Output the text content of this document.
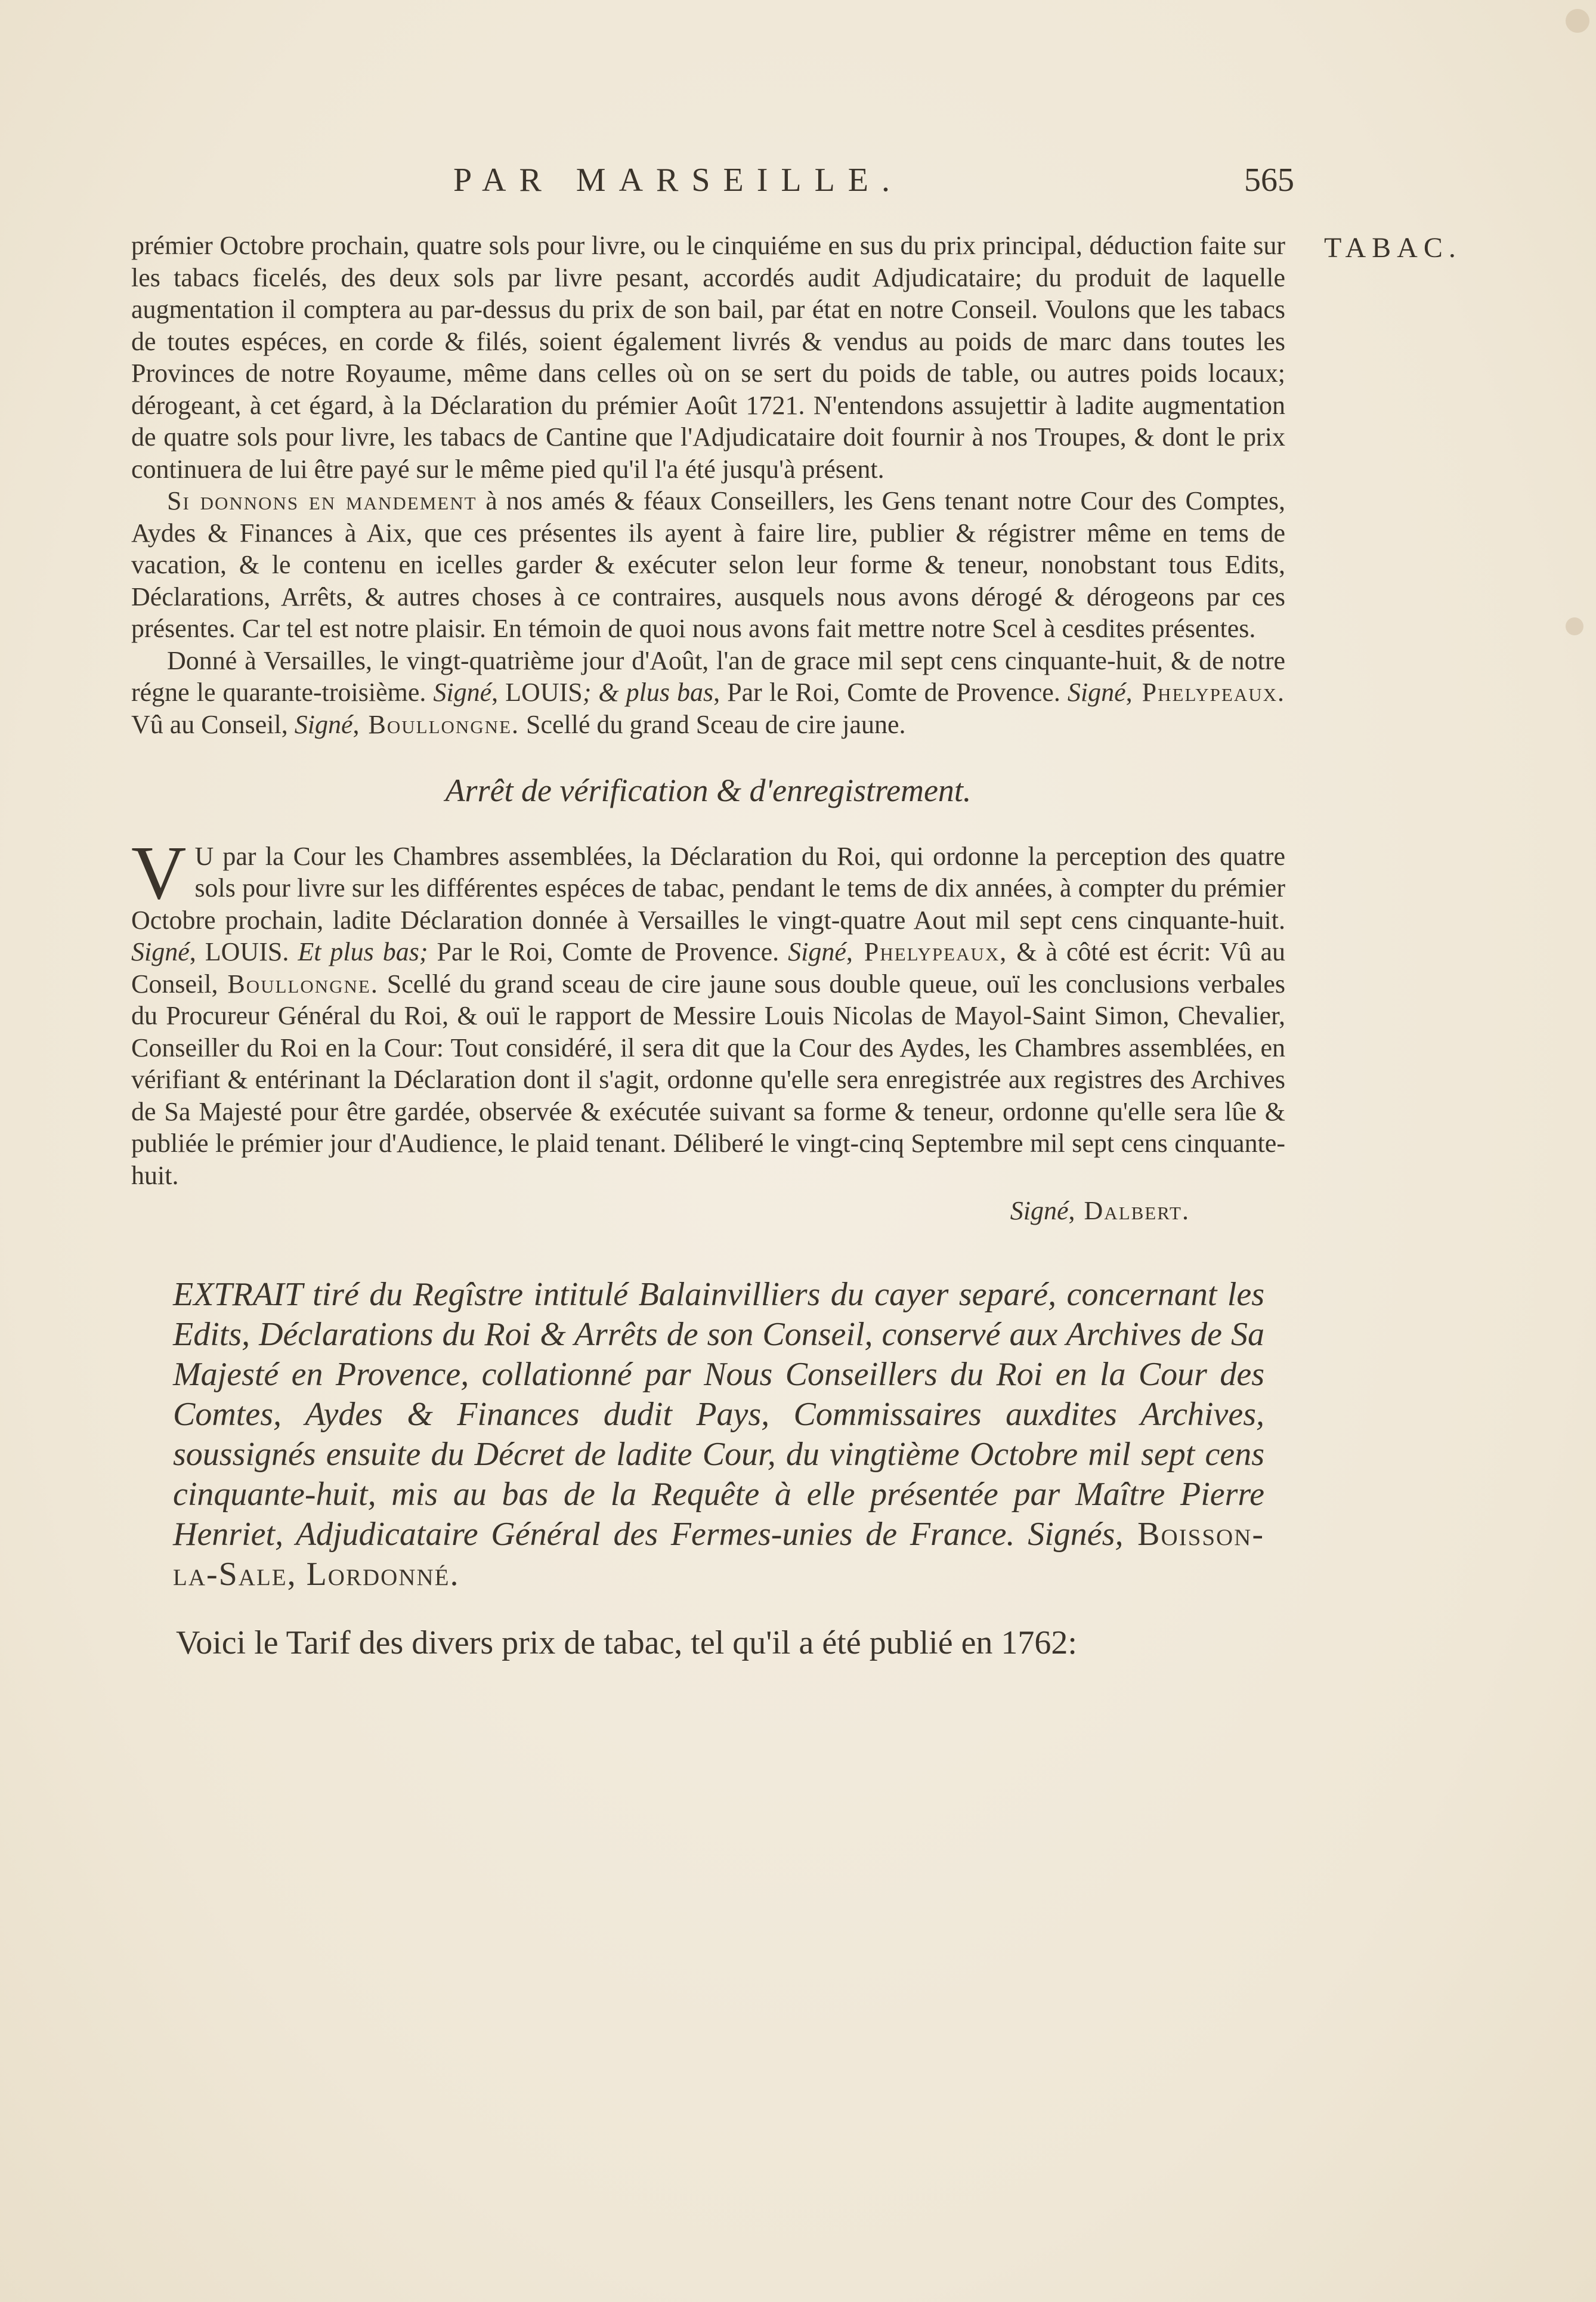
PAR MARSEILLE.	565
TABAC.

prémier Octobre prochain, quatre sols pour livre, ou le cinquiéme en sus du prix principal, déduction faite sur les tabacs ficelés, des deux sols par livre pesant, accordés audit Adjudicataire; du produit de laquelle augmentation il comptera au par-dessus du prix de son bail, par état en notre Conseil. Voulons que les tabacs de toutes espéces, en corde & filés, soient également livrés & vendus au poids de marc dans toutes les Provinces de notre Royaume, même dans celles où on se sert du poids de table, ou autres poids locaux; dérogeant, à cet égard, à la Déclaration du prémier Août 1721. N'entendons assujettir à ladite augmentation de quatre sols pour livre, les tabacs de Cantine que l'Adjudicataire doit fournir à nos Troupes, & dont le prix continuera de lui être payé sur le même pied qu'il l'a été jusqu'à présent.

Si donnons en mandement à nos amés & féaux Conseillers, les Gens tenant notre Cour des Comptes, Aydes & Finances à Aix, que ces présentes ils ayent à faire lire, publier & régistrer même en tems de vacation, & le contenu en icelles garder & exécuter selon leur forme & teneur, nonobstant tous Edits, Déclarations, Arrêts, & autres choses à ce contraires, ausquels nous avons dérogé & dérogeons par ces présentes. Car tel est notre plaisir. En témoin de quoi nous avons fait mettre notre Scel à cesdites présentes.

Donné à Versailles, le vingt-quatrième jour d'Août, l'an de grace mil sept cens cinquante-huit, & de notre régne le quarante-troisième. Signé, LOUIS; & plus bas, Par le Roi, Comte de Provence. Signé, Phelypeaux. Vû au Conseil, Signé, Boullongne. Scellé du grand Sceau de cire jaune.

Arrêt de vérification & d'enregistrement.

V U par la Cour les Chambres assemblées, la Déclaration du Roi, qui ordonne la perception des quatre sols pour livre sur les différentes espéces de tabac, pendant le tems de dix années, à compter du prémier Octobre prochain, ladite Déclaration donnée à Versailles le vingt-quatre Aout mil sept cens cinquante-huit. Signé, LOUIS. Et plus bas; Par le Roi, Comte de Provence. Signé, Phelypeaux, & à côté est écrit: Vû au Conseil, Boullongne. Scellé du grand sceau de cire jaune sous double queue, ouï les conclusions verbales du Procureur Général du Roi, & ouï le rapport de Messire Louis Nicolas de Mayol-Saint Simon, Chevalier, Conseiller du Roi en la Cour: Tout considéré, il sera dit que la Cour des Aydes, les Chambres assemblées, en vérifiant & entérinant la Déclaration dont il s'agit, ordonne qu'elle sera enregistrée aux registres des Archives de Sa Majesté pour être gardée, observée & exécutée suivant sa forme & teneur, ordonne qu'elle sera lûe & publiée le prémier jour d'Audience, le plaid tenant. Déliberé le vingt-cinq Septembre mil sept cens cinquante-huit.

Signé, Dalbert.

EXTRAIT tiré du Regîstre intitulé Balainvilliers du cayer separé, concernant les Edits, Déclarations du Roi & Arrêts de son Conseil, conservé aux Archives de Sa Majesté en Provence, collationné par Nous Conseillers du Roi en la Cour des Comtes, Aydes & Finances dudit Pays, Commissaires auxdites Archives, soussignés ensuite du Décret de ladite Cour, du vingtième Octobre mil sept cens cinquante-huit, mis au bas de la Requête à elle présentée par Maître Pierre Henriet, Adjudicataire Général des Fermes-unies de France. Signés, Boisson-la-Sale, Lordonné.

Voici le Tarif des divers prix de tabac, tel qu'il a été publié en 1762:
